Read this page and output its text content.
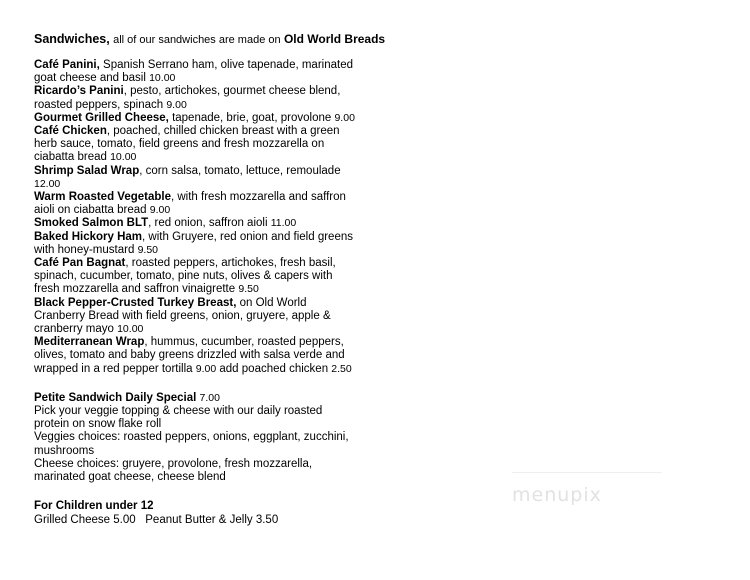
Sandwiches, all of our sandwiches are made on Old World Breads
Café Panini, Spanish Serrano ham, olive tapenade, marinated goat cheese and basil 10.00
Ricardo’s Panini, pesto, artichokes, gourmet cheese blend, roasted peppers, spinach 9.00
Gourmet Grilled Cheese, tapenade, brie, goat, provolone 9.00
Café Chicken, poached, chilled chicken breast with a green herb sauce, tomato, field greens and fresh mozzarella on ciabatta bread 10.00
Shrimp Salad Wrap, corn salsa, tomato, lettuce, remoulade 12.00
Warm Roasted Vegetable, with fresh mozzarella and saffron aioli on ciabatta bread 9.00
Smoked Salmon BLT, red onion, saffron aioli 11.00
Baked Hickory Ham, with Gruyere, red onion and field greens with honey-mustard 9.50
Café Pan Bagnat, roasted peppers, artichokes, fresh basil, spinach, cucumber, tomato, pine nuts, olives & capers with fresh mozzarella and saffron vinaigrette 9.50
Black Pepper-Crusted Turkey Breast, on Old World Cranberry Bread with field greens, onion, gruyere, apple & cranberry mayo 10.00
Mediterranean Wrap, hummus, cucumber, roasted peppers, olives, tomato and baby greens drizzled with salsa verde and wrapped in a red pepper tortilla 9.00 add poached chicken 2.50
Petite Sandwich Daily Special 7.00
Pick your veggie topping & cheese with our daily roasted protein on snow flake roll
Veggies choices: roasted peppers, onions, eggplant, zucchini, mushrooms
Cheese choices: gruyere, provolone, fresh mozzarella, marinated goat cheese, cheese blend
For Children under 12
Grilled Cheese 5.00 Peanut Butter & Jelly 3.50
menupix
